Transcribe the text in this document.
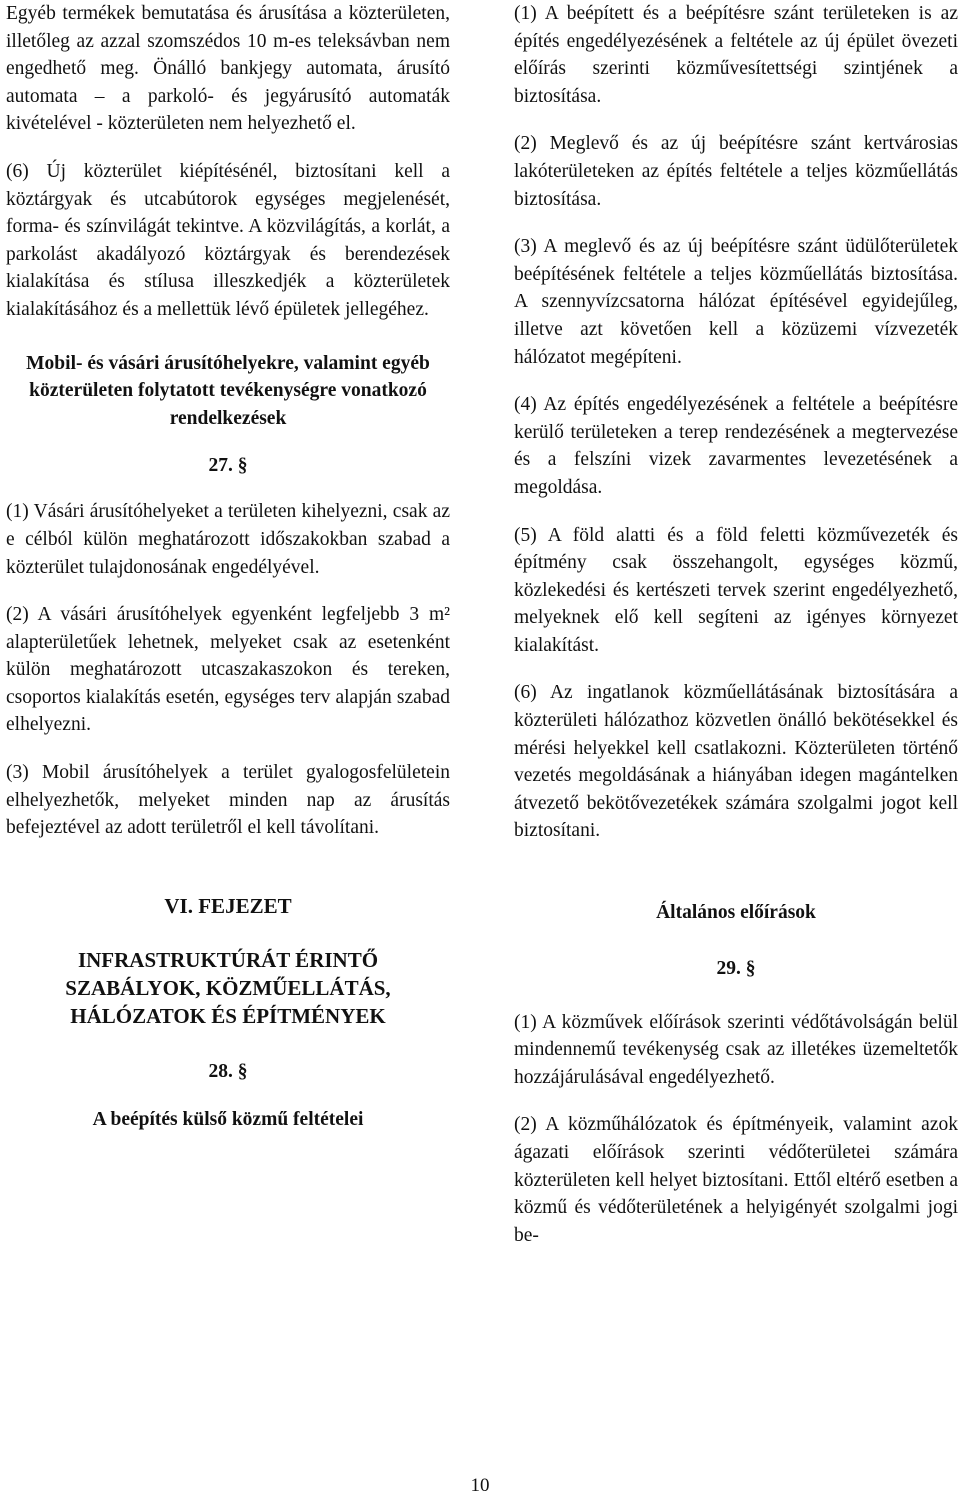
Egyéb termékek bemutatása és árusítása a közterületen, illetőleg az azzal szomszédos 10 m-es teleksávban nem engedhető meg. Önálló bankjegy automata, árusító automata – a parkoló- és jegyárusító automaták kivételével - közterületen nem helyezhető el.

(6) Új közterület kiépítésénél, biztosítani kell a köztárgyak és utcabútorok egységes megjelenését, forma- és színvilágát tekintve. A közvilágítás, a korlát, a parkolást akadályozó köztárgyak és berendezések kialakítása és stílusa illeszkedjék a közterületek kialakításához és a mellettük lévő épületek jellegéhez.

Mobil- és vásári árusítóhelyekre, valamint egyéb közterületen folytatott tevékenységre vonatkozó rendelkezések

27. §

(1) Vásári árusítóhelyeket a területen kihelyezni, csak az e célból külön meghatározott időszakokban szabad a közterület tulajdonosának engedélyével.

(2) A vásári árusítóhelyek egyenként legfeljebb 3 m² alapterületűek lehetnek, melyeket csak az esetenként külön meghatározott utcaszakaszokon és tereken, csoportos kialakítás esetén, egységes terv alapján szabad elhelyezni.

(3) Mobil árusítóhelyek a terület gyalogosfelületein elhelyezhetők, melyeket minden nap az árusítás befejeztével az adott területről el kell távolítani.

VI. FEJEZET

INFRASTRUKTÚRÁT ÉRINTŐ SZABÁLYOK, KÖZMŰELLÁTÁS, HÁLÓZATOK ÉS ÉPÍTMÉNYEK

28. §

A beépítés külső közmű feltételei

(1) A beépített és a beépítésre szánt területeken is az építés engedélyezésének a feltétele az új épület övezeti előírás szerinti közművesítettségi szintjének a biztosítása.

(2) Meglevő és az új beépítésre szánt kertvárosias lakóterületeken az építés feltétele a teljes közműellátás biztosítása.

(3) A meglevő és az új beépítésre szánt üdülőterületek beépítésének feltétele a teljes közműellátás biztosítása. A szennyvízcsatorna hálózat építésével egyidejűleg, illetve azt követően kell a közüzemi vízvezeték hálózatot megépíteni.

(4) Az építés engedélyezésének a feltétele a beépítésre kerülő területeken a terep rendezésének a megtervezése és a felszíni vizek zavarmentes levezetésének a megoldása.

(5) A föld alatti és a föld feletti közművezeték és építmény csak összehangolt, egységes közmű, közlekedési és kertészeti tervek szerint engedélyezhető, melyeknek elő kell segíteni az igényes környezet kialakítást.

(6) Az ingatlanok közműellátásának biztosítására a közterületi hálózathoz közvetlen önálló bekötésekkel és mérési helyekkel kell csatlakozni. Közterületen történő vezetés megoldásának a hiányában idegen magántelken átvezető bekötővezetékek számára szolgalmi jogot kell biztosítani.

Általános előírások

29. §

(1) A közművek előírások szerinti védőtávolságán belül mindennemű tevékenység csak az illetékes üzemeltetők hozzájárulásával engedélyezhető.

(2) A közműhálózatok és építményeik, valamint azok ágazati előírások szerinti védőterületei számára közterületen kell helyet biztosítani. Ettől eltérő esetben a közmű és védőterületének a helyigényét szolgalmi jogi be-

10
